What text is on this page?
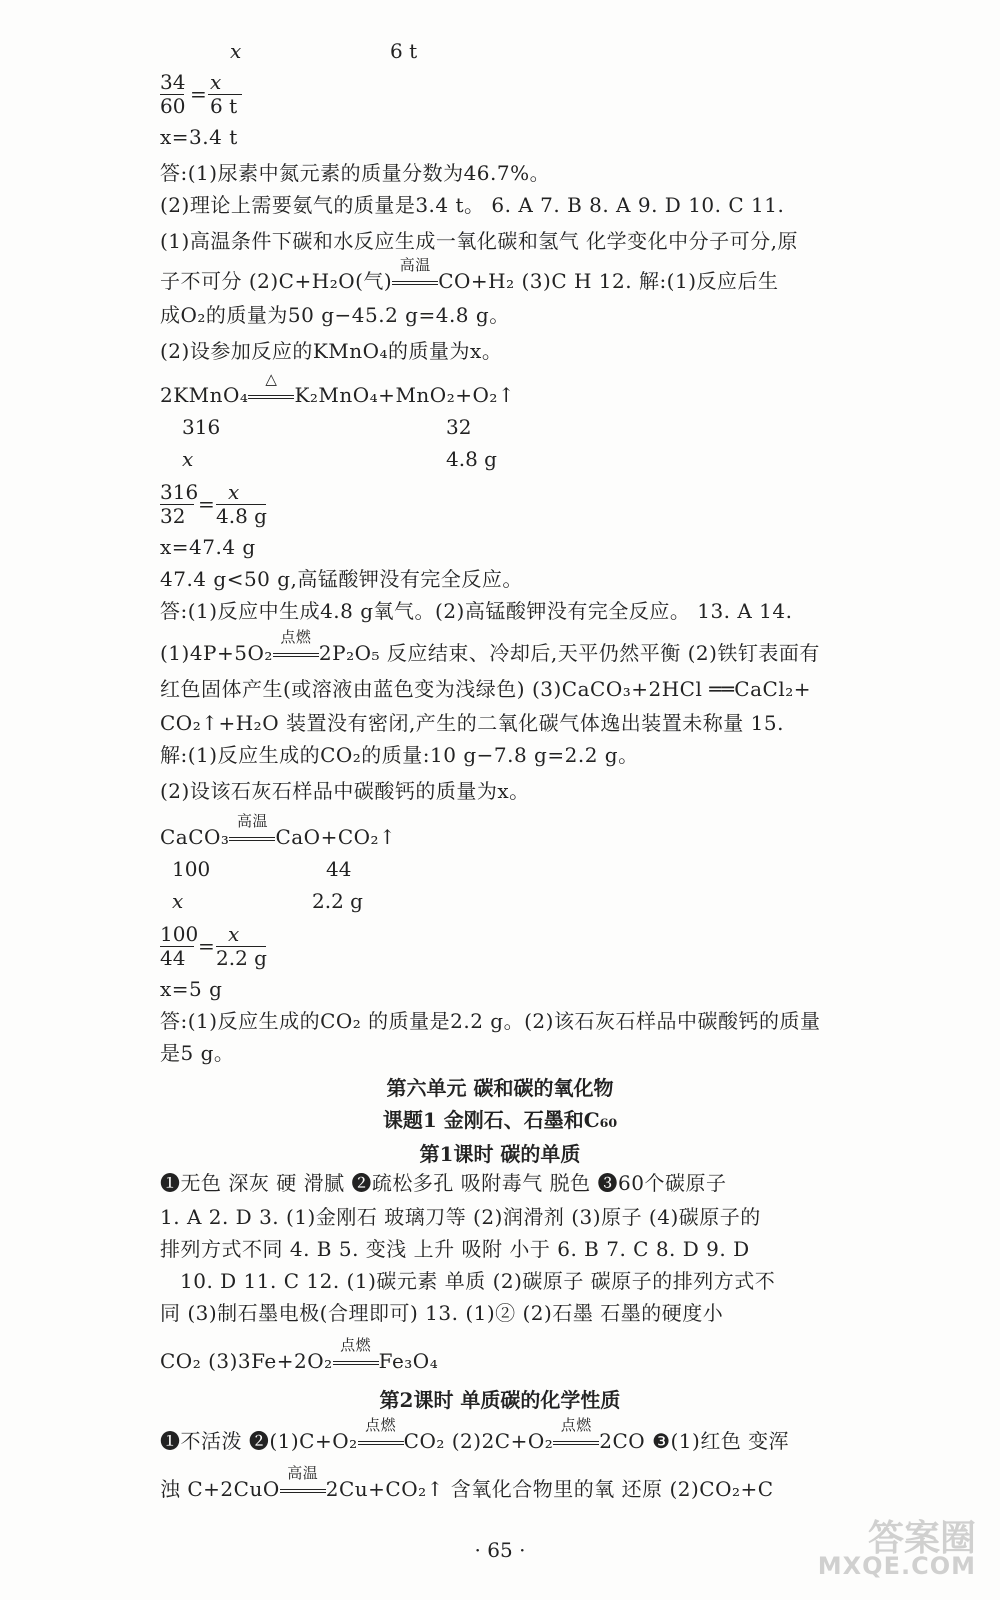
x	6 t
34
60 = x
6 t
x=3.4 t
答:(1)尿素中氮元素的质量分数为46.7%。
(2)理论上需要氨气的质量是3.4 t。 6. A 7. B 8. A 9. D 10. C 11.
(1)高温条件下碳和水反应生成一氧化碳和氢气 化学变化中分子可分,原
子不可分 (2)C+H₂O(气)
高温
CO+H₂ (3)C H 12. 解:(1)反应后生
成O₂的质量为50 g−45.2 g=4.8 g。
(2)设参加反应的KMnO₄的质量为x。
2KMnO₄
△
K₂MnO₄+MnO₂+O₂↑
316	32
x	4.8 g
316
32 = x
4.8 g
x=47.4 g
47.4 g<50 g,高锰酸钾没有完全反应。
答:(1)反应中生成4.8 g氧气。(2)高锰酸钾没有完全反应。 13. A 14.
(1)4P+5O₂
点燃
2P₂O₅ 反应结束、冷却后,天平仍然平衡 (2)铁钉表面有
红色固体产生(或溶液由蓝色变为浅绿色) (3)CaCO₃+2HCl ══CaCl₂+
CO₂↑+H₂O 装置没有密闭,产生的二氧化碳气体逸出装置未称量 15.
解:(1)反应生成的CO₂的质量:10 g−7.8 g=2.2 g。
(2)设该石灰石样品中碳酸钙的质量为x。
CaCO₃
高温
CaO+CO₂↑
100	44
x	2.2 g
100
44 = x
2.2 g
x=5 g
答:(1)反应生成的CO₂ 的质量是2.2 g。(2)该石灰石样品中碳酸钙的质量
是5 g。
第六单元 碳和碳的氧化物
课题1 金刚石、石墨和C₆₀
第1课时 碳的单质
❶无色 深灰 硬 滑腻 ❷疏松多孔 吸附毒气 脱色 ❸60个碳原子
1. A 2. D 3. (1)金刚石 玻璃刀等 (2)润滑剂 (3)原子 (4)碳原子的
排列方式不同 4. B 5. 变浅 上升 吸附 小于 6. B 7. C 8. D 9. D
10. D 11. C 12. (1)碳元素 单质 (2)碳原子 碳原子的排列方式不
同 (3)制石墨电极(合理即可) 13. (1)② (2)石墨 石墨的硬度小
CO₂ (3)3Fe+2O₂
点燃
Fe₃O₄
第2课时 单质碳的化学性质
❶不活泼 ❷(1)C+O₂
点燃
CO₂ (2)2C+O₂
点燃
2CO ❸(1)红色 变浑
浊 C+2CuO
高温
2Cu+CO₂↑ 含氧化合物里的氧 还原 (2)CO₂+C
· 65 ·	答案圈
MXQE.COM
